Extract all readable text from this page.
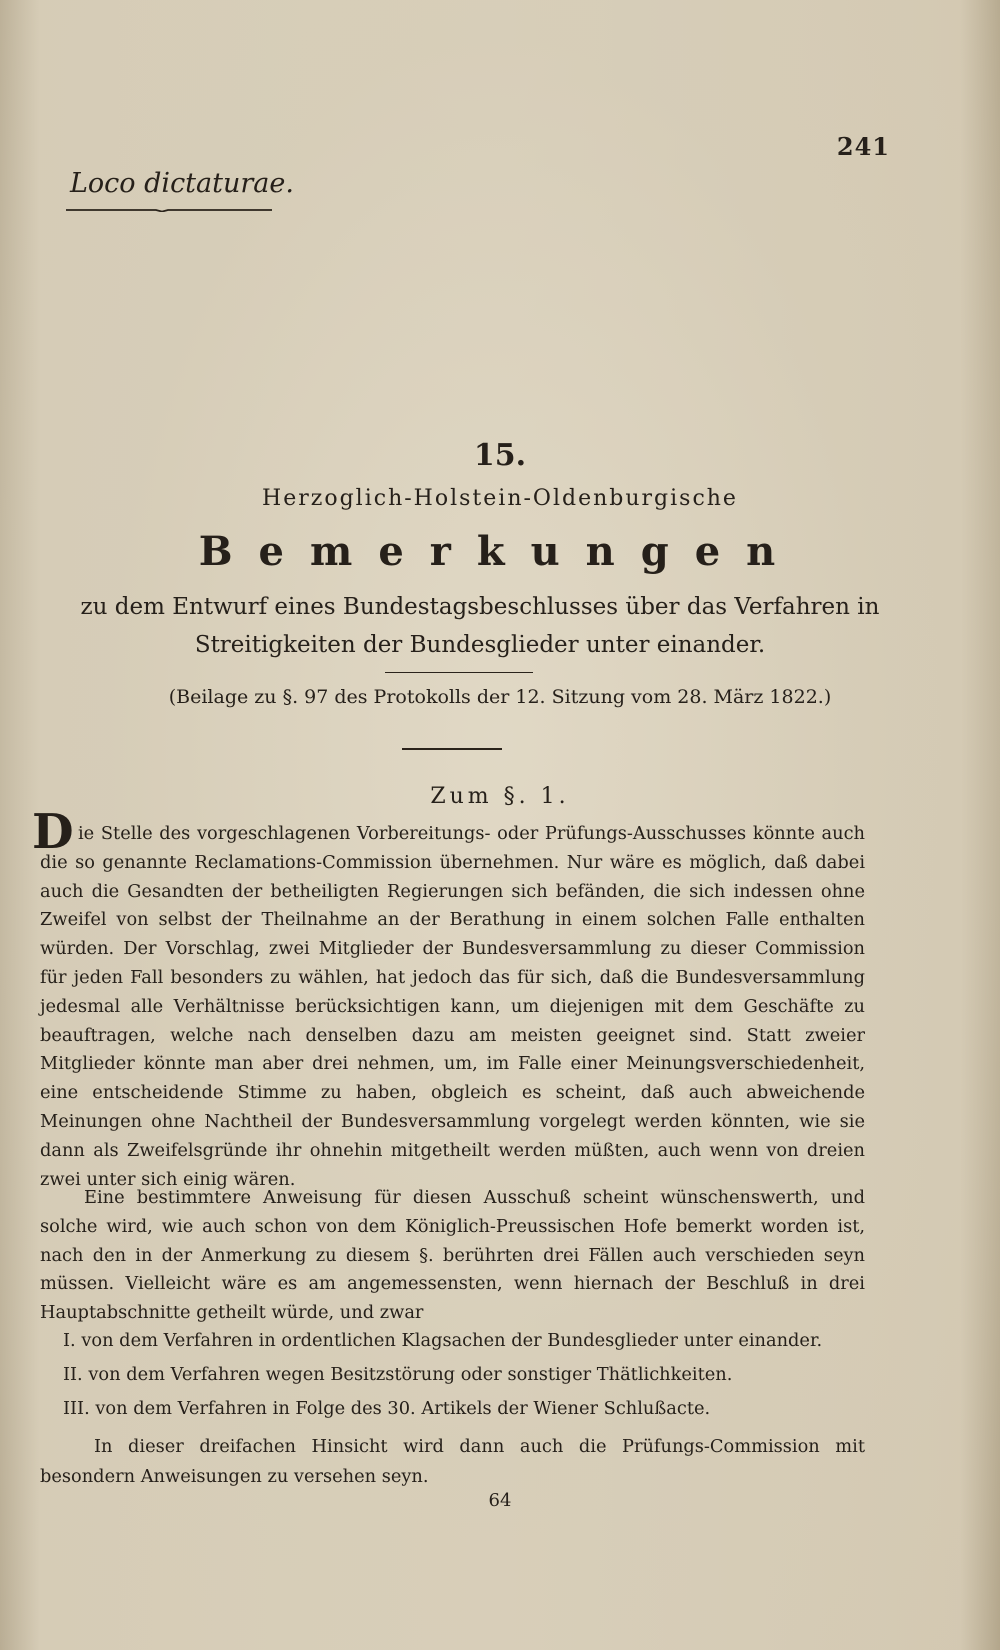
241
Loco dictaturae.
15.
Herzoglich-Holstein-Oldenburgische
Bemerkungen
zu dem Entwurf eines Bundestagsbeschlusses über das Verfahren in Streitigkeiten der Bundesglieder unter einander.
(Beilage zu §. 97 des Protokolls der 12. Sitzung vom 28. März 1822.)
Zum §. 1.
D ie Stelle des vorgeschlagenen Vorbereitungs- oder Prüfungs-Ausschusses könnte auch die so genannte Reclamations-Commission übernehmen. Nur wäre es möglich, daß dabei auch die Gesandten der betheiligten Regierungen sich befänden, die sich indessen ohne Zweifel von selbst der Theilnahme an der Berathung in einem solchen Falle enthalten würden. Der Vorschlag, zwei Mitglieder der Bundesversammlung zu dieser Commission für jeden Fall besonders zu wählen, hat jedoch das für sich, daß die Bundesversammlung jedesmal alle Verhältnisse berücksichtigen kann, um diejenigen mit dem Geschäfte zu beauftragen, welche nach denselben dazu am meisten geeignet sind. Statt zweier Mitglieder könnte man aber drei nehmen, um, im Falle einer Meinungsverschiedenheit, eine entscheidende Stimme zu haben, obgleich es scheint, daß auch abweichende Meinungen ohne Nachtheil der Bundesversammlung vorgelegt werden könnten, wie sie dann als Zweifelsgründe ihr ohnehin mitgetheilt werden müßten, auch wenn von dreien zwei unter sich einig wären.

Eine bestimmtere Anweisung für diesen Ausschuß scheint wünschenswerth, und solche wird, wie auch schon von dem Königlich-Preussischen Hofe bemerkt worden ist, nach den in der Anmerkung zu diesem §. berührten drei Fällen auch verschieden seyn müssen. Vielleicht wäre es am angemessensten, wenn hiernach der Beschluß in drei Hauptabschnitte getheilt würde, und zwar

I. von dem Verfahren in ordentlichen Klagsachen der Bundesglieder unter einander.
II. von dem Verfahren wegen Besitzstörung oder sonstiger Thätlichkeiten.
III. von dem Verfahren in Folge des 30. Artikels der Wiener Schlußacte.

In dieser dreifachen Hinsicht wird dann auch die Prüfungs-Commission mit besondern Anweisungen zu versehen seyn.

64
